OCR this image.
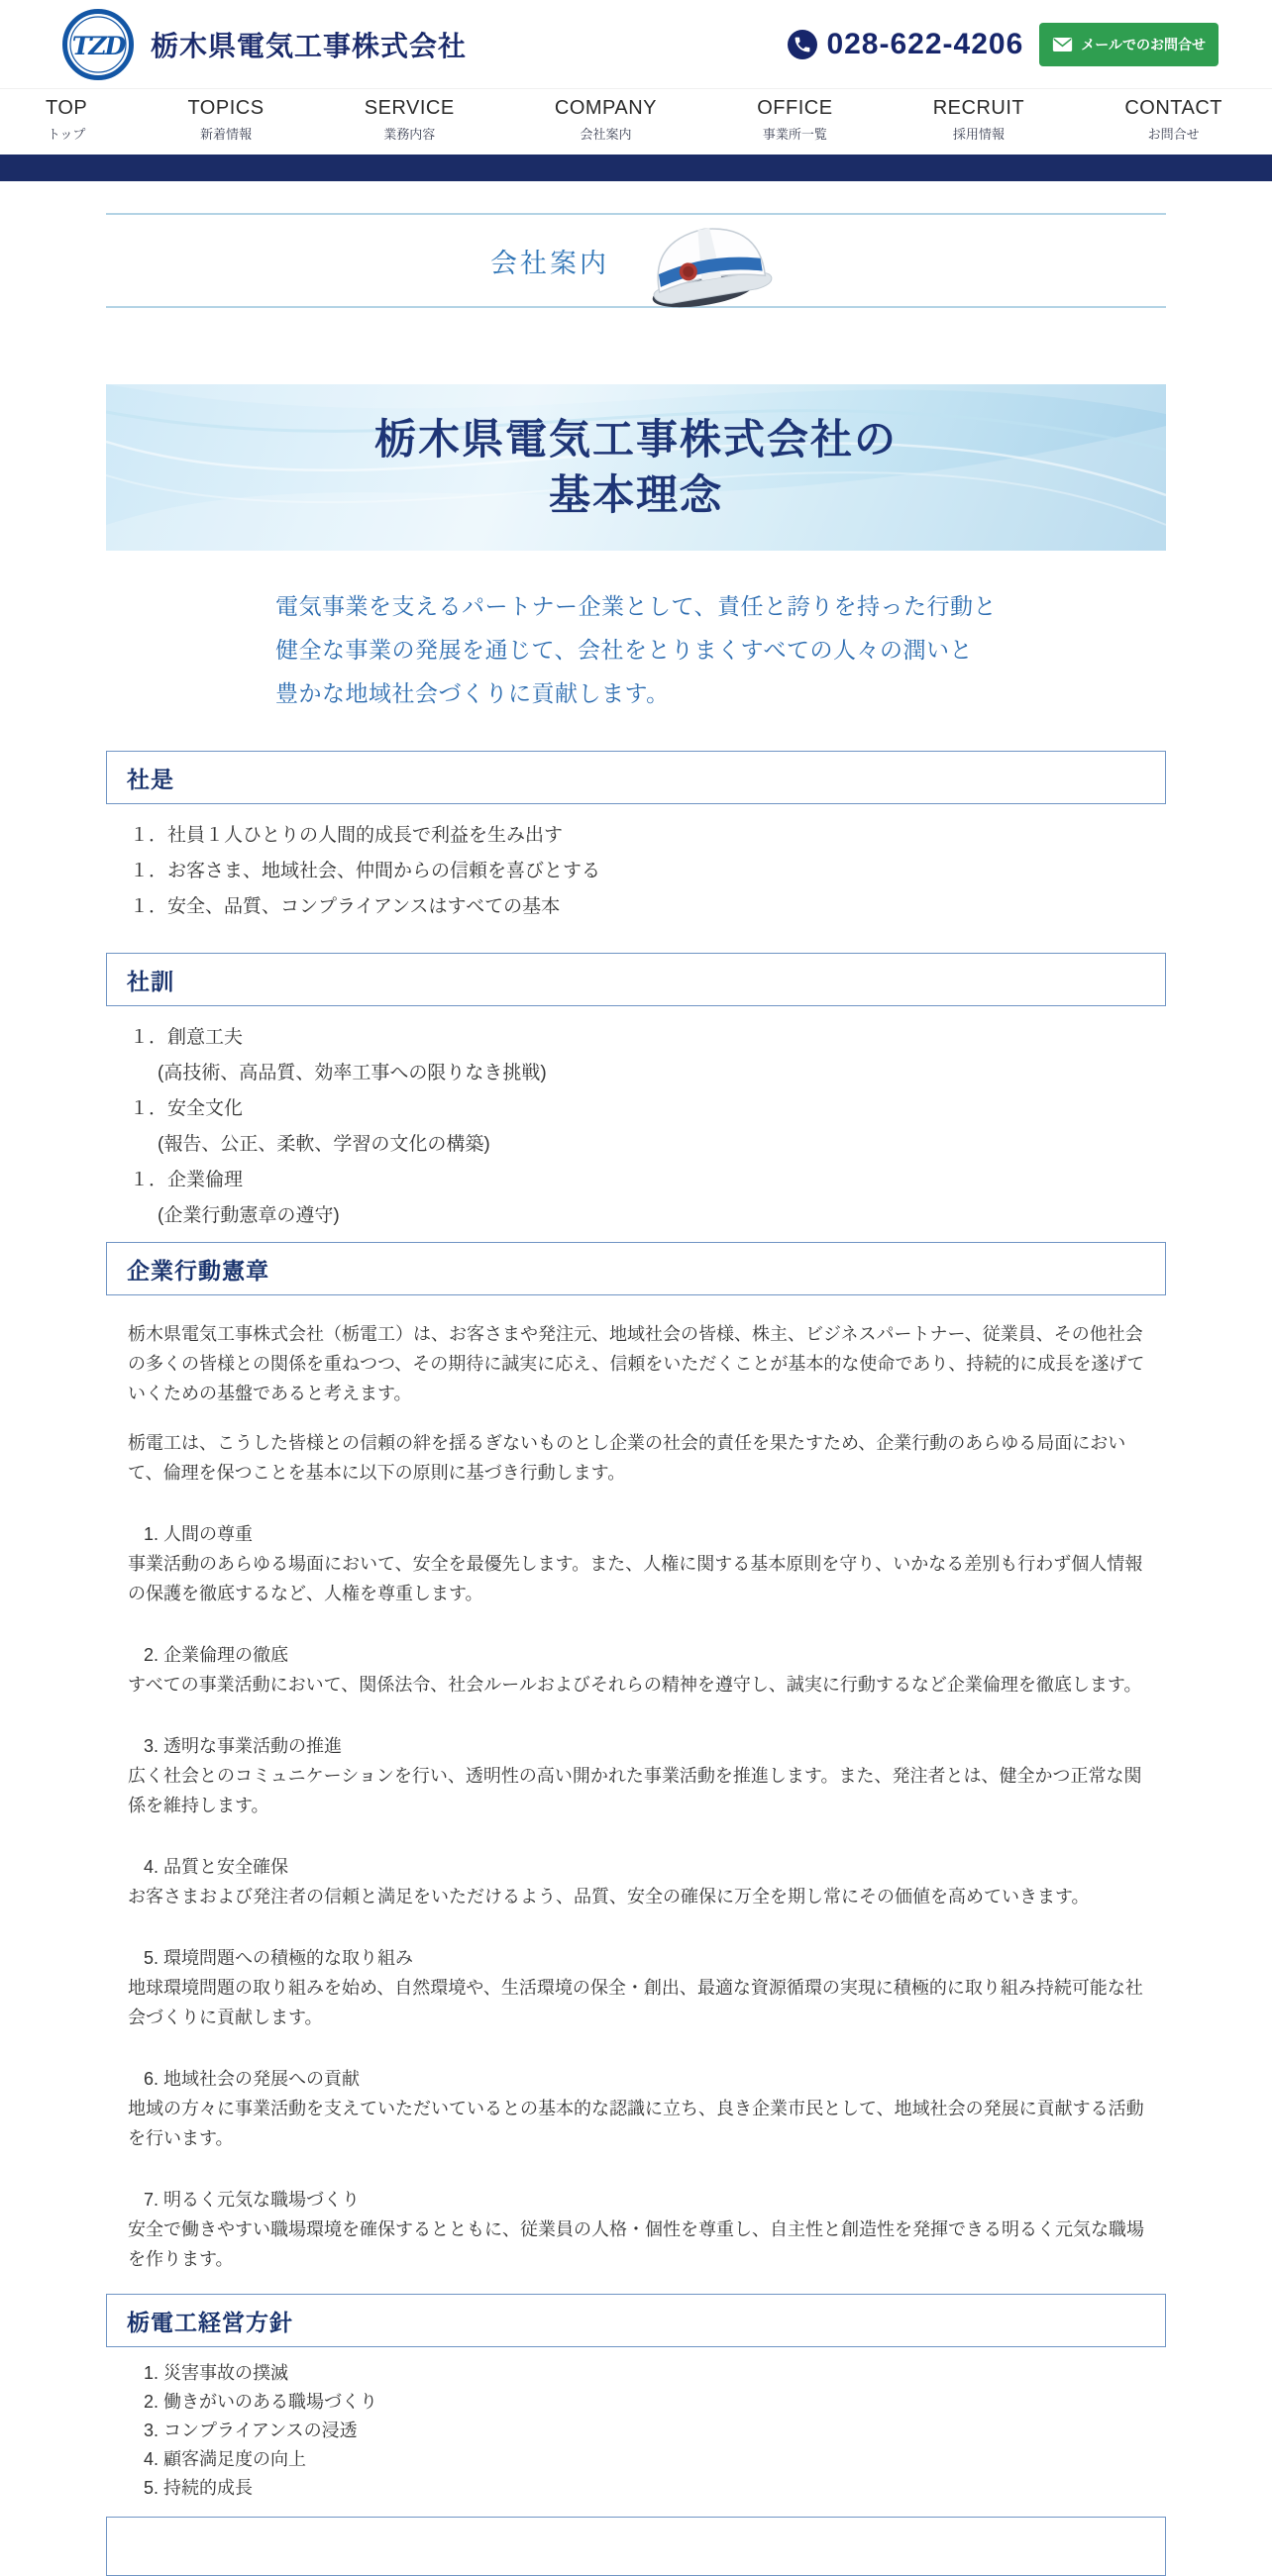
TZD 栃木県電気工事株式会社	028-622-4206	メールでのお問合せ
TOP
トップ
TOPICS
新着情報
SERVICE
業務内容
COMPANY
会社案内
OFFICE
事業所一覧
RECRUIT
採用情報
CONTACT
お問合せ
会社案内
栃木県電気工事株式会社の
基本理念
電気事業を支えるパートナー企業として、責任と誇りを持った行動と
健全な事業の発展を通じて、会社をとりまくすべての人々の潤いと
豊かな地域社会づくりに貢献します。
社是
１．社員１人ひとりの人間的成長で利益を生み出す
１．お客さま、地域社会、仲間からの信頼を喜びとする
１．安全、品質、コンプライアンスはすべての基本
社訓
１．創意工夫
(高技術、高品質、効率工事への限りなき挑戦)
１．安全文化
(報告、公正、柔軟、学習の文化の構築)
１．企業倫理
(企業行動憲章の遵守)
企業行動憲章

栃木県電気工事株式会社（栃電工）は、お客さまや発注元、地域社会の皆様、株主、ビジネスパートナー、従業員、その他社会の多くの皆様との関係を重ねつつ、その期待に誠実に応え、信頼をいただくことが基本的な使命であり、持続的に成長を遂げていくための基盤であると考えます。

栃電工は、こうした皆様との信頼の絆を揺るぎないものとし企業の社会的責任を果たすため、企業行動のあらゆる局面において、倫理を保つことを基本に以下の原則に基づき行動します。

1. 人間の尊重

事業活動のあらゆる場面において、安全を最優先します。また、人権に関する基本原則を守り、いかなる差別も行わず個人情報の保護を徹底するなど、人権を尊重します。

2. 企業倫理の徹底

すべての事業活動において、関係法令、社会ルールおよびそれらの精神を遵守し、誠実に行動するなど企業倫理を徹底します。

3. 透明な事業活動の推進

広く社会とのコミュニケーションを行い、透明性の高い開かれた事業活動を推進します。また、発注者とは、健全かつ正常な関係を維持します。

4. 品質と安全確保

お客さまおよび発注者の信頼と満足をいただけるよう、品質、安全の確保に万全を期し常にその価値を高めていきます。

5. 環境問題への積極的な取り組み

地球環境問題の取り組みを始め、自然環境や、生活環境の保全・創出、最適な資源循環の実現に積極的に取り組み持続可能な社会づくりに貢献します。

6. 地域社会の発展への貢献

地域の方々に事業活動を支えていただいているとの基本的な認識に立ち、良き企業市民として、地域社会の発展に貢献する活動を行います。

7. 明るく元気な職場づくり

安全で働きやすい職場環境を確保するとともに、従業員の人格・個性を尊重し、自主性と創造性を発揮できる明るく元気な職場を作ります。

栃電工経営方針
1. 災害事故の撲滅
2. 働きがいのある職場づくり
3. コンプライアンスの浸透
4. 顧客満足度の向上
5. 持続的成長
